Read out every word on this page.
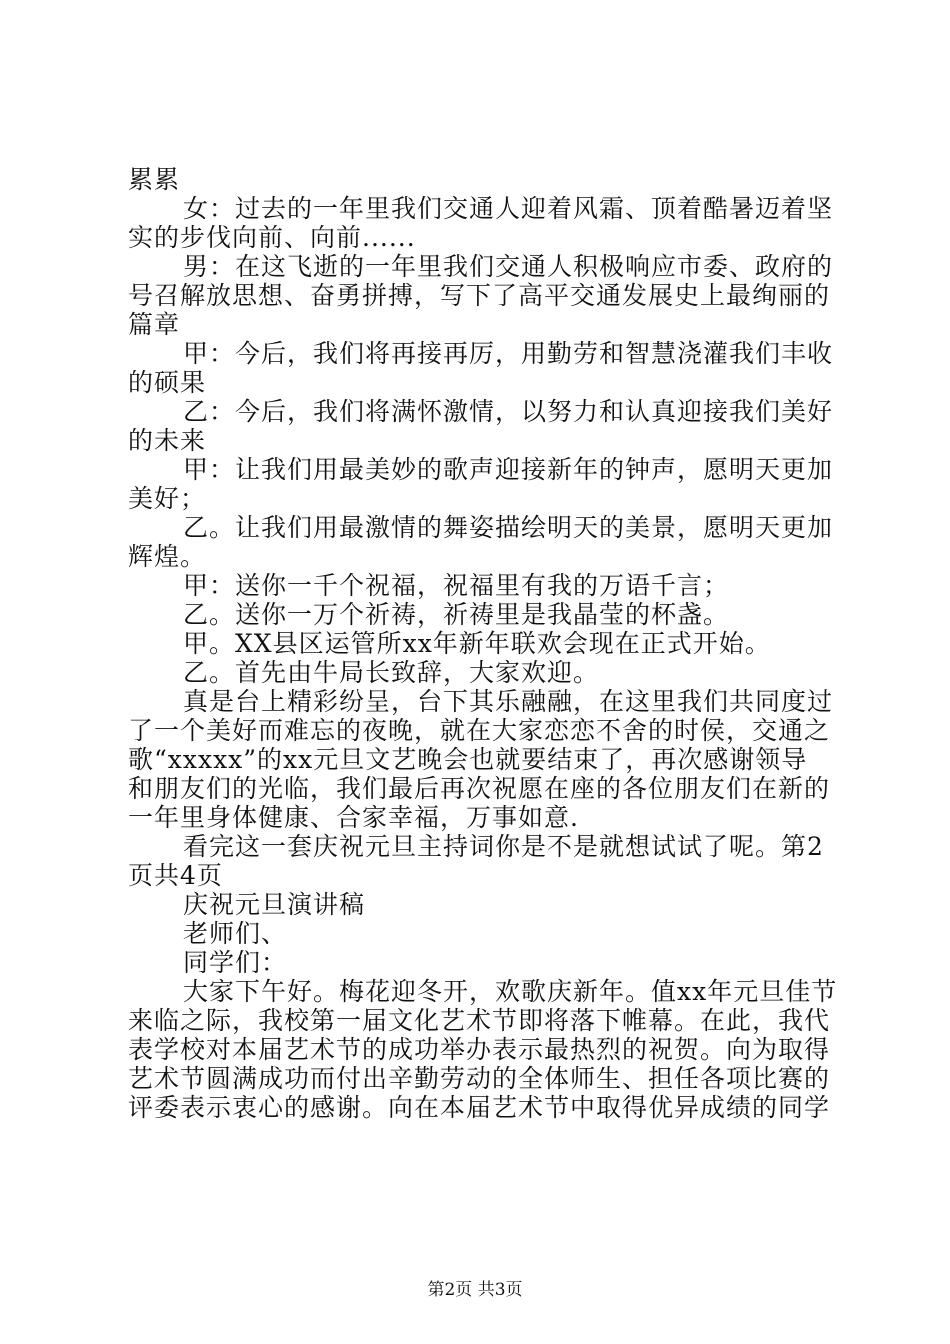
累累
女：过去的一年里我们交通人迎着风霜、顶着酷暑迈着坚
实的步伐向前、向前......
男：在这飞逝的一年里我们交通人积极响应市委、政府的
号召解放思想、奋勇拼搏，写下了高平交通发展史上最绚丽的
篇章
甲：今后，我们将再接再厉，用勤劳和智慧浇灌我们丰收
的硕果
乙：今后，我们将满怀激情，以努力和认真迎接我们美好
的未来
甲：让我们用最美妙的歌声迎接新年的钟声，愿明天更加
美好；
乙。让我们用最激情的舞姿描绘明天的美景，愿明天更加
辉煌。
甲：送你一千个祝福，祝福里有我的万语千言；
乙。送你一万个祈祷，祈祷里是我晶莹的杯盏。
甲。XX县区运管所xx年新年联欢会现在正式开始。
乙。首先由牛局长致辞，大家欢迎。
真是台上精彩纷呈，台下其乐融融，在这里我们共同度过
了一个美好而难忘的夜晚，就在大家恋恋不舍的时侯，交通之
歌“xxxxx”的xx元旦文艺晚会也就要结束了，再次感谢领导
和朋友们的光临，我们最后再次祝愿在座的各位朋友们在新的
一年里身体健康、合家幸福，万事如意.
看完这一套庆祝元旦主持词你是不是就想试试了呢。第2
页共4页
庆祝元旦演讲稿
老师们、
同学们：
大家下午好。梅花迎冬开，欢歌庆新年。值xx年元旦佳节
来临之际，我校第一届文化艺术节即将落下帷幕。在此，我代
表学校对本届艺术节的成功举办表示最热烈的祝贺。向为取得
艺术节圆满成功而付出辛勤劳动的全体师生、担任各项比赛的
评委表示衷心的感谢。向在本届艺术节中取得优异成绩的同学
第2页 共3页
